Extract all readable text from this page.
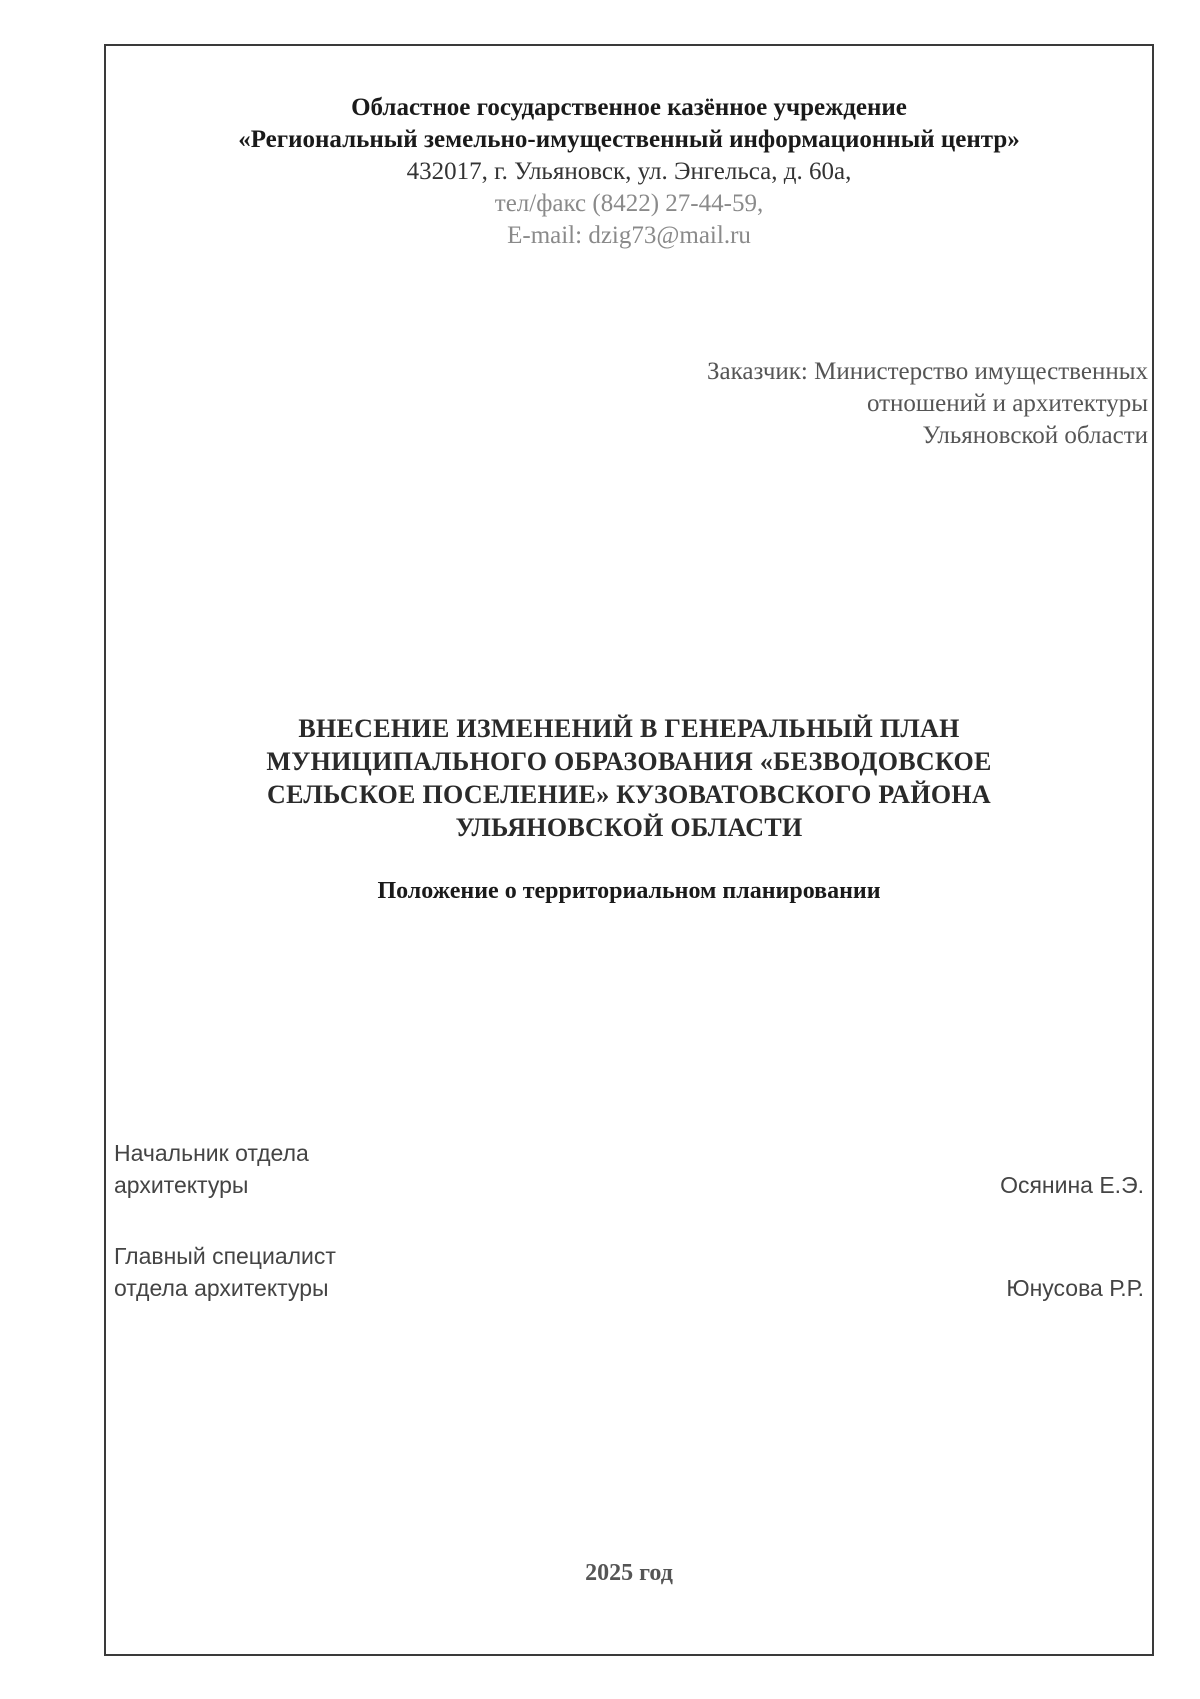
Областное государственное казённое учреждение
«Региональный земельно-имущественный информационный центр»
432017, г. Ульяновск, ул. Энгельса, д. 60а,
тел/факс (8422) 27-44-59,
E-mail: dzig73@mail.ru
Заказчик: Министерство имущественных
отношений и архитектуры
Ульяновской области
ВНЕСЕНИЕ ИЗМЕНЕНИЙ В ГЕНЕРАЛЬНЫЙ ПЛАН
МУНИЦИПАЛЬНОГО ОБРАЗОВАНИЯ «БЕЗВОДОВСКОЕ
СЕЛЬСКОЕ ПОСЕЛЕНИЕ» КУЗОВАТОВСКОГО РАЙОНА
УЛЬЯНОВСКОЙ ОБЛАСТИ
Положение о территориальном планировании
Начальник отдела
архитектуры	Осянина Е.Э.
Главный специалист
отдела архитектуры	Юнусова Р.Р.
2025 год
